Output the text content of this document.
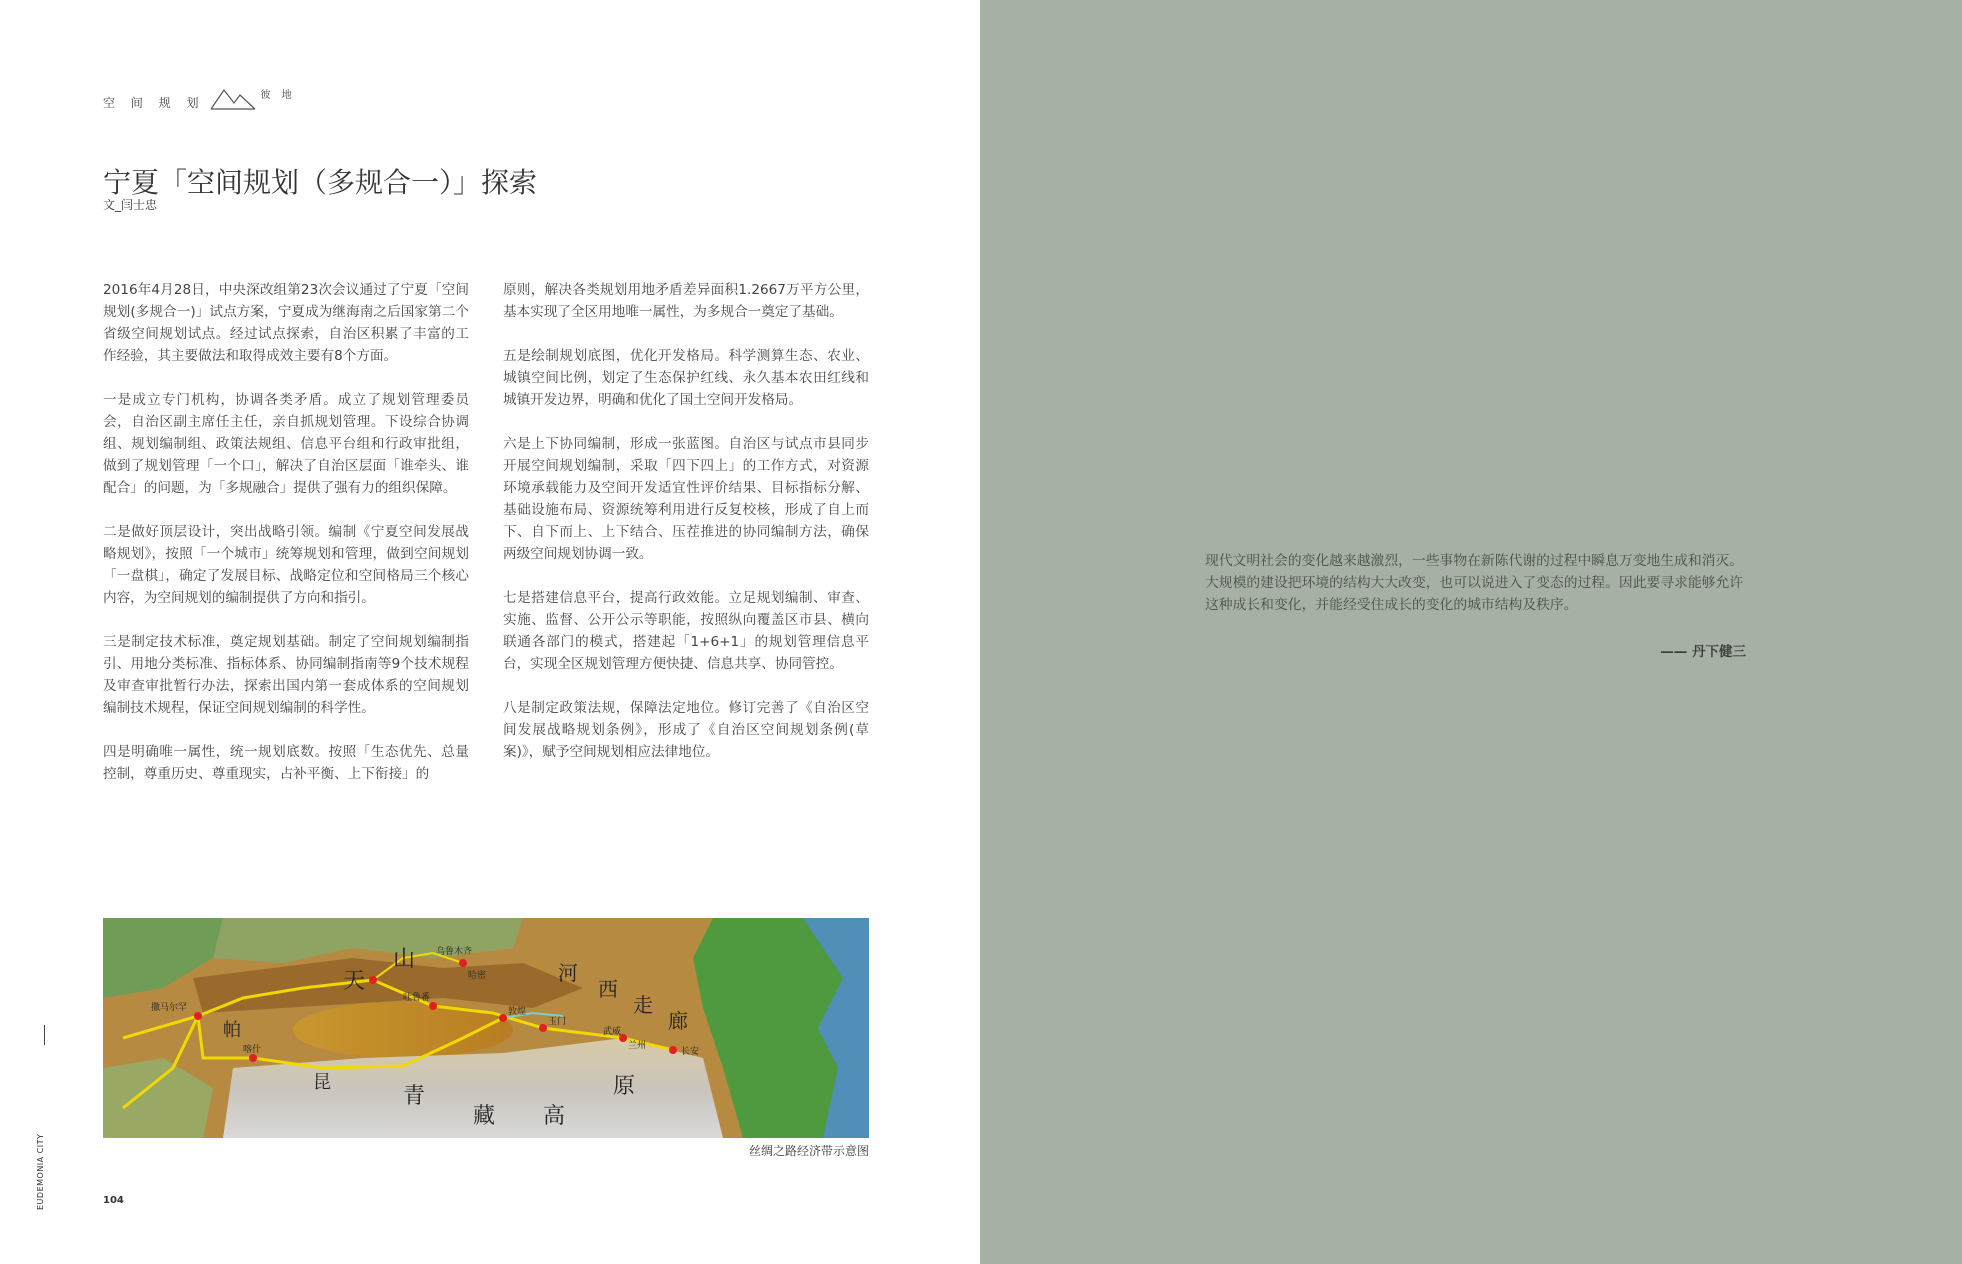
空 间 规 划
彼 地
宁夏「空间规划（多规合一）」探索
文_闫士忠

2016年4月28日，中央深改组第23次会议通过了宁夏「空间规划(多规合一)」试点方案，宁夏成为继海南之后国家第二个省级空间规划试点。经过试点探索，自治区积累了丰富的工作经验，其主要做法和取得成效主要有8个方面。

一是成立专门机构，协调各类矛盾。成立了规划管理委员会，自治区副主席任主任，亲自抓规划管理。下设综合协调组、规划编制组、政策法规组、信息平台组和行政审批组，做到了规划管理「一个口」，解决了自治区层面「谁牵头、谁配合」的问题，为「多规融合」提供了强有力的组织保障。

二是做好顶层设计，突出战略引领。编制《宁夏空间发展战略规划》，按照「一个城市」统筹规划和管理，做到空间规划「一盘棋」，确定了发展目标、战略定位和空间格局三个核心内容，为空间规划的编制提供了方向和指引。

三是制定技术标准，奠定规划基础。制定了空间规划编制指引、用地分类标准、指标体系、协同编制指南等9个技术规程及审查审批暂行办法，探索出国内第一套成体系的空间规划编制技术规程，保证空间规划编制的科学性。

四是明确唯一属性，统一规划底数。按照「生态优先、总量控制，尊重历史、尊重现实，占补平衡、上下衔接」的

原则，解决各类规划用地矛盾差异面积1.2667万平方公里，基本实现了全区用地唯一属性，为多规合一奠定了基础。

五是绘制规划底图，优化开发格局。科学测算生态、农业、城镇空间比例，划定了生态保护红线、永久基本农田红线和城镇开发边界，明确和优化了国土空间开发格局。

六是上下协同编制，形成一张蓝图。自治区与试点市县同步开展空间规划编制，采取「四下四上」的工作方式，对资源环境承载能力及空间开发适宜性评价结果、目标指标分解、基础设施布局、资源统筹利用进行反复校核，形成了自上而下、自下而上、上下结合、压茬推进的协同编制方法，确保两级空间规划协调一致。

七是搭建信息平台，提高行政效能。立足规划编制、审查、实施、监督、公开公示等职能，按照纵向覆盖区市县、横向联通各部门的模式，搭建起「1+6+1」的规划管理信息平台，实现全区规划管理方便快捷、信息共享、协同管控。

八是制定政策法规，保障法定地位。修订完善了《自治区空间发展战略规划条例》，形成了《自治区空间规划条例(草案)》，赋予空间规划相应法律地位。

天
山
河
西
走
廊
青
藏 高
原
帕
昆
乌鲁木齐
长安
撒马尔罕
喀什
敦煌
玉门
武威
兰州
哈密
吐鲁番
丝绸之路经济带示意图
EUDEMONIA CITY	104
现代文明社会的变化越来越激烈，一些事物在新陈代谢的过程中瞬息万变地生成和消灭。大规模的建设把环境的结构大大改变，也可以说进入了变态的过程。因此要寻求能够允许这种成长和变化，并能经受住成长的变化的城市结构及秩序。
—— 丹下健三
